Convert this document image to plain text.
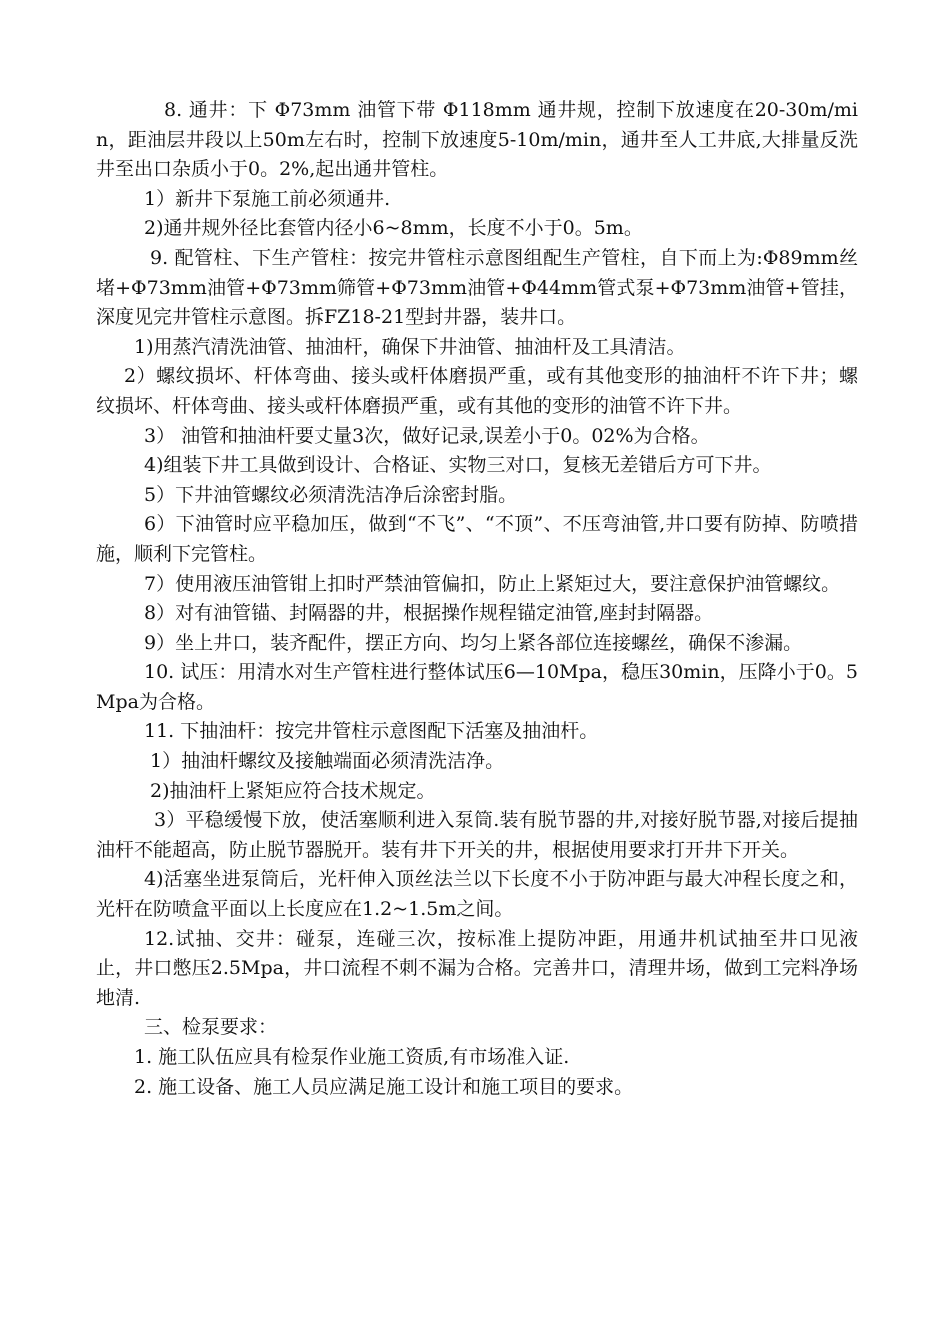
8. 通井：下 Φ73mm 油管下带 Φ118mm 通井规，控制下放速度在20-30m/min，距油层井段以上50m左右时，控制下放速度5-10m/min，通井至人工井底,大排量反洗井至出口杂质小于0。2%,起出通井管柱。

1）新井下泵施工前必须通井.

2)通井规外径比套管内径小6~8mm，长度不小于0。5m。

9. 配管柱、下生产管柱：按完井管柱示意图组配生产管柱，自下而上为:Φ89mm丝堵+Φ73mm油管+Φ73mm筛管+Φ73mm油管+Φ44mm管式泵+Φ73mm油管+管挂，深度见完井管柱示意图。拆FZ18-21型封井器，装井口。

1)用蒸汽清洗油管、抽油杆，确保下井油管、抽油杆及工具清洁。

2）螺纹损坏、杆体弯曲、接头或杆体磨损严重，或有其他变形的抽油杆不许下井；螺纹损坏、杆体弯曲、接头或杆体磨损严重，或有其他的变形的油管不许下井。

3） 油管和抽油杆要丈量3次，做好记录,误差小于0。02%为合格。

4)组装下井工具做到设计、合格证、实物三对口，复核无差错后方可下井。

5）下井油管螺纹必须清洗洁净后涂密封脂。

6）下油管时应平稳加压，做到“不飞”、“不顶”、不压弯油管,井口要有防掉、防喷措施，顺利下完管柱。

7）使用液压油管钳上扣时严禁油管偏扣，防止上紧矩过大，要注意保护油管螺纹。

8）对有油管锚、封隔器的井，根据操作规程锚定油管,座封封隔器。

9）坐上井口，装齐配件，摆正方向、均匀上紧各部位连接螺丝，确保不渗漏。

10. 试压：用清水对生产管柱进行整体试压6—10Mpa，稳压30min，压降小于0。5Mpa为合格。

11. 下抽油杆：按完井管柱示意图配下活塞及抽油杆。

1）抽油杆螺纹及接触端面必须清洗洁净。

2)抽油杆上紧矩应符合技术规定。

3）平稳缓慢下放，使活塞顺利进入泵筒.装有脱节器的井,对接好脱节器,对接后提抽油杆不能超高，防止脱节器脱开。装有井下开关的井，根据使用要求打开井下开关。

4)活塞坐进泵筒后，光杆伸入顶丝法兰以下长度不小于防冲距与最大冲程长度之和，光杆在防喷盒平面以上长度应在1.2~1.5m之间。

12.试抽、交井：碰泵，连碰三次，按标准上提防冲距，用通井机试抽至井口见液止，井口憋压2.5Mpa，井口流程不刺不漏为合格。完善井口，清理井场，做到工完料净场地清.

三、检泵要求：

1. 施工队伍应具有检泵作业施工资质,有市场准入证.

2. 施工设备、施工人员应满足施工设计和施工项目的要求。
